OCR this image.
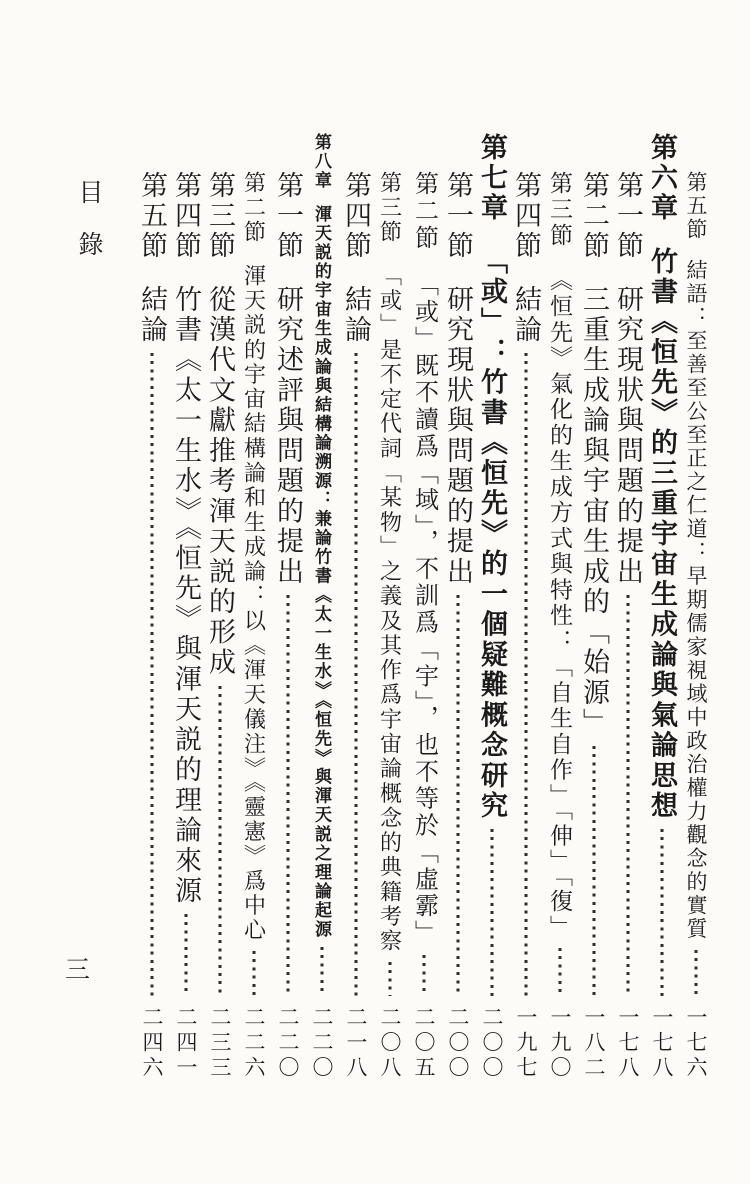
目錄
三
第五節
結語：至善至公至正之仁道：早期儒家視域中政治權力觀念的實質
一七六
第六章
竹書《恒先》的三重宇宙生成論與氣論思想
一七八
第一節
研究現狀與問題的提出
一七八
第二節
三重生成論與宇宙生成的「始源」
一八二
第三節
《恒先》氣化的生成方式與特性：「自生自作」「伸」「復」
一九〇
第四節
結論
一九七
第七章
「或」：竹書《恒先》的一個疑難概念研究
二〇〇
第一節
研究現狀與問題的提出
二〇〇
第二節
「或」既不讀爲「域」，不訓爲「宇」，也不等於「虛霩」
二〇五
第三節
「或」是不定代詞「某物」之義及其作爲宇宙論概念的典籍考察
二〇八
第四節
結論
二一八
第八章
渾天説的宇宙生成論與結構論溯源：兼論竹書《太一生水》《恒先》與渾天説之理論起源
二二〇
第一節
研究述評與問題的提出
二二〇
第二節
渾天説的宇宙結構論和生成論：以《渾天儀注》《靈憲》爲中心
二二六
第三節
從漢代文獻推考渾天説的形成
二三三
第四節
竹書《太一生水》《恒先》與渾天説的理論來源
二四一
第五節
結論
二四六
